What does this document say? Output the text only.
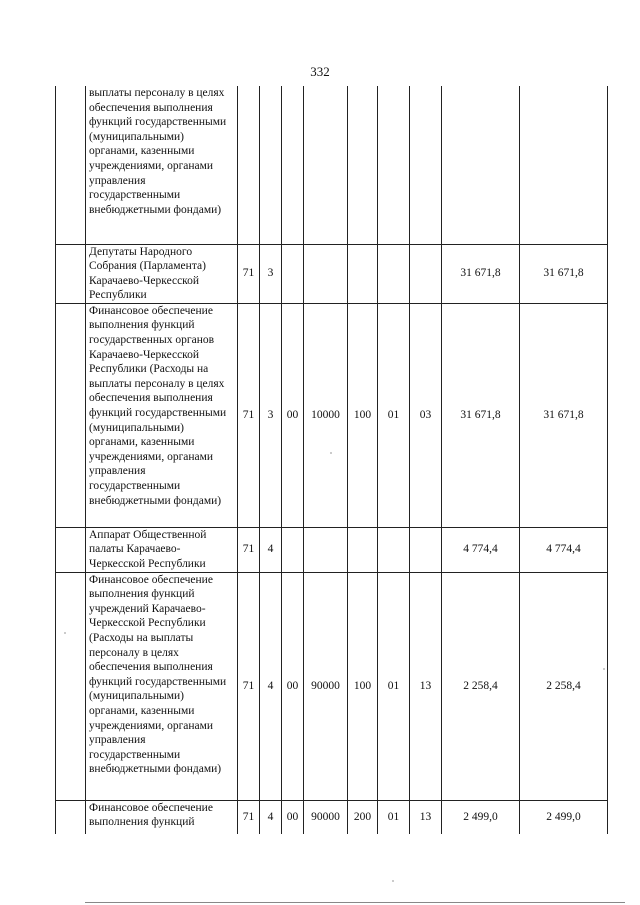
332
	выплаты персоналу в целях обеспечения выполнения функций государственными (муниципальными) органами, казенными учреждениями, органами управления государственными внебюджетными фондами)									
	Депутаты Народного Собрания (Парламента) Карачаево-Черкесской Республики	71	3						31 671,8	31 671,8
	Финансовое обеспечение выполнения функций государственных органов Карачаево-Черкесской Республики (Расходы на выплаты персоналу в целях обеспечения выполнения функций государственными (муниципальными) органами, казенными учреждениями, органами управления государственными внебюджетными фондами)	71	3	00	10000	100	01	03	31 671,8	31 671,8
	Аппарат Общественной палаты Карачаево-Черкесской Республики	71	4						4 774,4	4 774,4
	Финансовое обеспечение выполнения функций учреждений Карачаево-Черкесской Республики (Расходы на выплаты персоналу в целях обеспечения выполнения функций государственными (муниципальными) органами, казенными учреждениями, органами управления государственными внебюджетными фондами)	71	4	00	90000	100	01	13	2 258,4	2 258,4
	Финансовое обеспечение выполнения функций	71	4	00	90000	200	01	13	2 499,0	2 499,0
